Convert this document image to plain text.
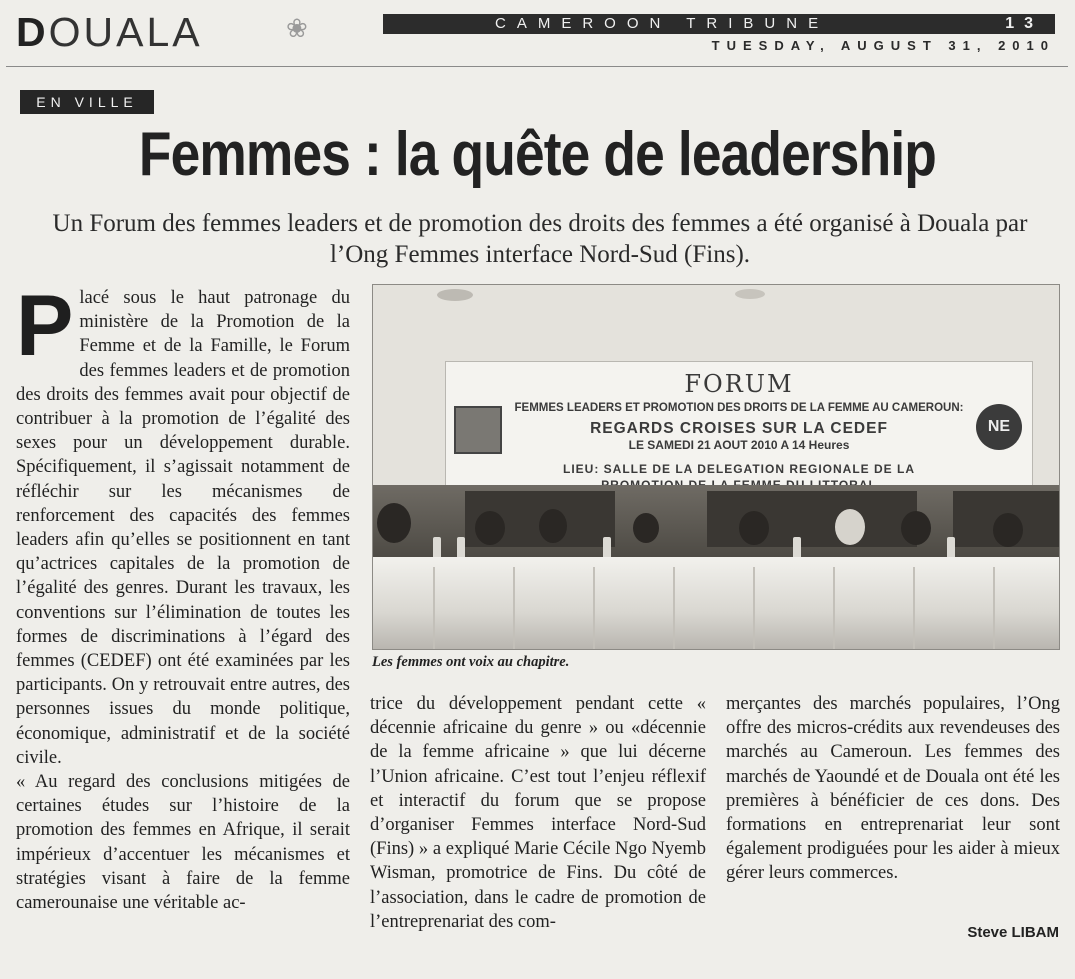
DOUALA	❀	CAMEROON TRIBUNE	13
TUESDAY, AUGUST 31, 2010
EN VILLE
Femmes : la quête de leadership
Un Forum des femmes leaders et de promotion des droits des femmes a été organisé à Douala par l’Ong Femmes interface Nord-Sud (Fins).

Placé sous le haut patronage du ministère de la Promotion de la Femme et de la Famille, le Forum des femmes leaders et de promotion des droits des femmes avait pour objectif de contribuer à la promotion de l’égalité des sexes pour un développement durable. Spécifiquement, il s’agissait notamment de réfléchir sur les mécanismes de renforcement des capacités des femmes leaders afin qu’elles se positionnent en tant qu’actrices capitales de la promotion de l’égalité des genres. Durant les travaux, les conventions sur l’élimination de toutes les formes de discriminations à l’égard des femmes (CEDEF) ont été examinées par les participants. On y retrouvait entre autres, des personnes issues du monde politique, économique, administratif et de la société civile.

« Au regard des conclusions mitigées de certaines études sur l’histoire de la promotion des femmes en Afrique, il serait impérieux d’accentuer les mécanismes et stratégies visant à faire de la femme camerounaise une véritable ac-

NE
FORUM
FEMMES LEADERS ET PROMOTION DES DROITS DE LA FEMME AU CAMEROUN:
REGARDS CROISES SUR LA CEDEF
LE SAMEDI 21 AOUT 2010 A 14 Heures
LIEU: SALLE DE LA DELEGATION REGIONALE DE LA
Les femmes ont voix au chapitre.

trice du développement pendant cette « décennie africaine du genre » ou «décennie de la femme africaine » que lui décerne l’Union africaine. C’est tout l’enjeu réflexif et interactif du forum que se propose d’organiser Femmes interface Nord-Sud (Fins) » a expliqué Marie Cécile Ngo Nyemb Wisman, promotrice de Fins. Du côté de l’association, dans le cadre de promotion de l’entreprenariat des com-

merçantes des marchés populaires, l’Ong offre des micros-crédits aux revendeuses des marchés au Cameroun. Les femmes des marchés de Yaoundé et de Douala ont été les premières à bénéficier de ces dons. Des formations en entreprenariat leur sont également prodiguées pour les aider à mieux gérer leurs commerces.

Steve LIBAM
